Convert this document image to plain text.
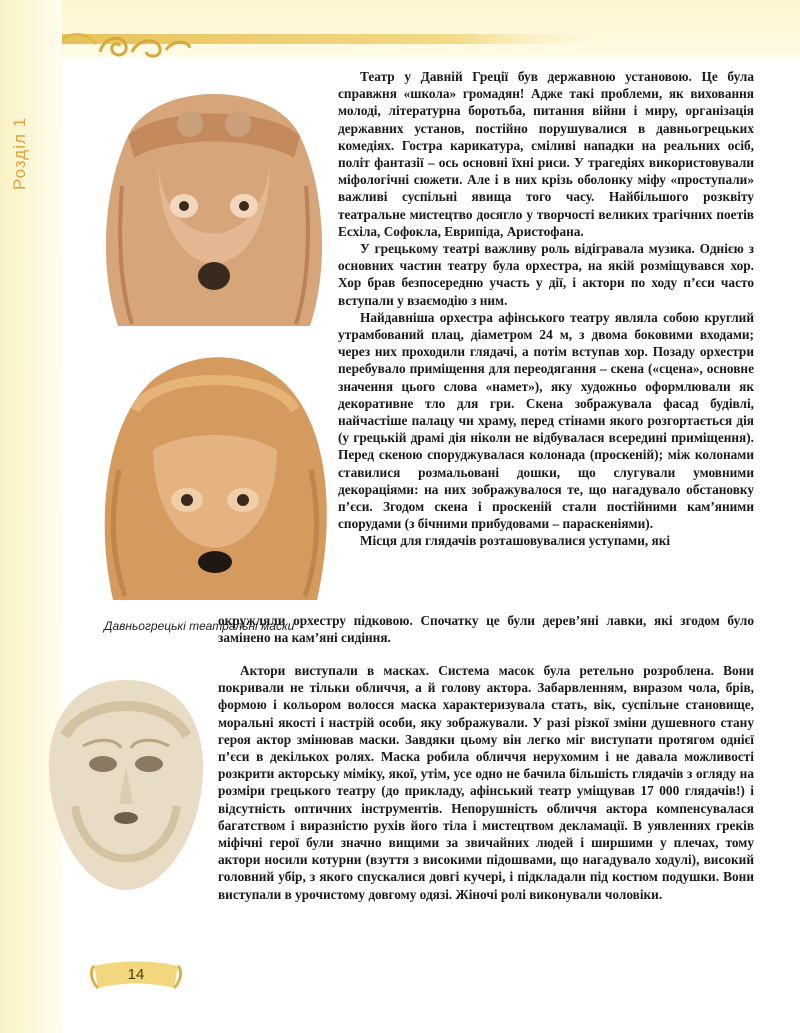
Розділ 1
Давньогрецькі театральні маски

Театр у Давній Греції був державною установою. Це була справжня «школа» громадян! Адже такі проблеми, як виховання молоді, літературна боротьба, питання війни і миру, організація державних установ, постійно порушувалися в давньогрецьких комедіях. Гостра карикатура, сміливі нападки на реальних осіб, політ фантазії – ось основні їхні риси. У трагедіях використовували міфологічні сюжети. Але і в них крізь оболонку міфу «проступали» важливі суспільні явища того часу. Найбільшого розквіту театральне мистецтво досягло у творчості великих трагічних поетів Есхіла, Софокла, Еврипіда, Аристофана.

У грецькому театрі важливу роль відігравала музика. Однією з основних частин театру була орхестра, на якій розміщувався хор. Хор брав безпосередню участь у дії, і актори по ходу п’єси часто вступали у взаємодію з ним.

Найдавніша орхестра афінського театру являла собою круглий утрамбований плац, діаметром 24 м, з двома боковими входами; через них проходили глядачі, а потім вступав хор. Позаду орхестри перебувало приміщення для переодягання – скена («сцена», основне значення цього слова «намет»), яку художньо оформлювали як декоративне тло для гри. Скена зображувала фасад будівлі, найчастіше палацу чи храму, перед стінами якого розгортається дія (у грецькій драмі дія ніколи не відбувалася всередині приміщення). Перед скеною споруджувалася колонада (проскеній); між колонами ставилися розмальовані дошки, що слугували умовними декораціями: на них зображувалося те, що нагадувало обстановку п’єси. Згодом скена і проскеній стали постійними кам’яними спорудами (з бічними прибудовами – параскеніями).

Місця для глядачів розташовувалися уступами, які

окружляли орхестру підковою. Спочатку це були дерев’яні лавки, які згодом було замінено на кам’яні сидіння.

Актори виступали в масках. Система масок була ретельно розроблена. Вони покривали не тільки обличчя, а й голову актора. Забарвленням, виразом чола, брів, формою і кольором волосся маска характеризувала стать, вік, суспільне становище, моральні якості і настрій особи, яку зображували. У разі різкої зміни душевного стану героя актор змінював маски. Завдяки цьому він легко міг виступати протягом однієї п’єси в декількох ролях. Маска робила обличчя нерухомим і не давала можливості розкрити акторську міміку, якої, утім, усе одно не бачила більшість глядачів з огляду на розміри грецького театру (до прикладу, афінський театр уміщував 17 000 глядачів!) і відсутність оптичних інструментів. Непорушність обличчя актора компенсувалася багатством і виразністю рухів його тіла і мистецтвом декламації. В уявленнях греків міфічні герої були значно вищими за звичайних людей і ширшими у плечах, тому актори носили котурни (взуття з високими підошвами, що нагадувало ходулі), високий головний убір, з якого спускалися довгі кучері, і підкладали під костюм подушки. Вони виступали в урочистому довгому одязі. Жіночі ролі виконували чоловіки.

14
